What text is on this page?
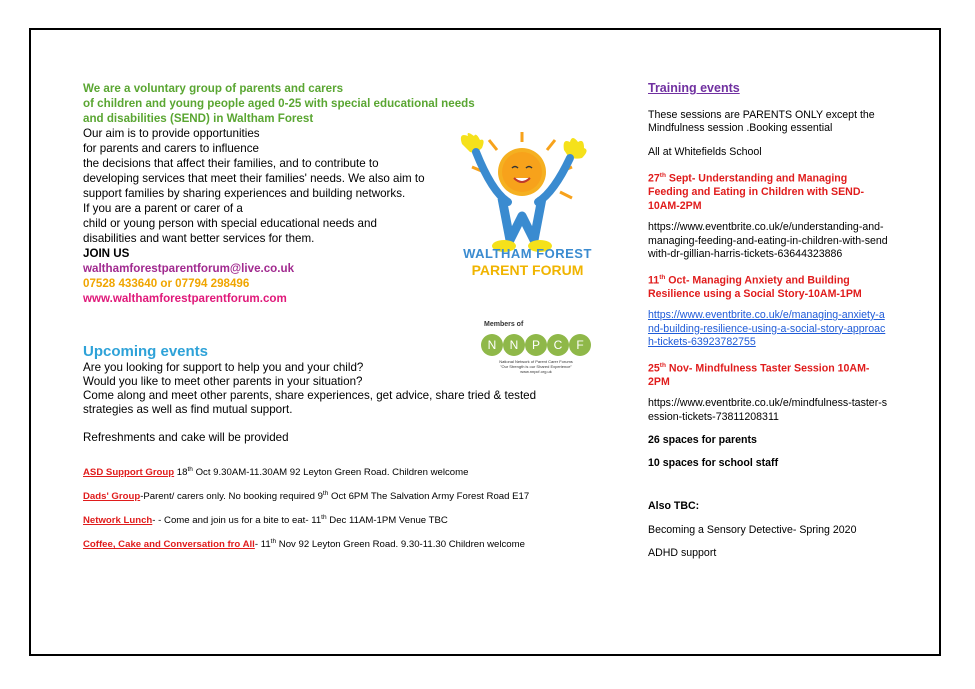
We are a voluntary group of parents and carers
of children and young people aged 0-25 with special educational needs
and disabilities (SEND) in Waltham Forest
Our aim is to provide opportunities
for parents and carers to influence
the decisions that affect their families, and to contribute to
developing services that meet their families' needs. We also aim to
support families by sharing experiences and building networks.
If you are a parent or carer of a
child or young person with special educational needs and
disabilities and want better services for them.
JOIN US
walthamforestparentforum@live.co.uk
07528 433640 or 07794 298496
www.walthamforestparentforum.com
WALTHAM FOREST
PARENT FORUM
Members of
N N P C F
National Network of Parent Carer Forums
"Our Strength is our Shared Experience"
www.nnpcf.org.uk
Upcoming events
Are you looking for support to help you and your child?
Would you like to meet other parents in your situation?
Come along and meet other parents, share experiences, get advice, share tried & tested
strategies as well as find mutual support.
Refreshments and cake will be provided
ASD Support Group 18th Oct 9.30AM-11.30AM 92 Leyton Green Road. Children welcome
Dads' Group-Parent/ carers only. No booking required 9th Oct 6PM The Salvation Army Forest Road E17
Network Lunch- - Come and join us for a bite to eat- 11th Dec 11AM-1PM Venue TBC
Coffee, Cake and Conversation fro All- 11th Nov 92 Leyton Green Road. 9.30-11.30 Children welcome

Training events

These sessions are PARENTS ONLY except the Mindfulness session .Booking essential

All at Whitefields School

27th Sept- Understanding and Managing Feeding and Eating in Children with SEND- 10AM-2PM

https://www.eventbrite.co.uk/e/understanding-and-managing-feeding-and-eating-in-children-with-sendwith-dr-gillian-harris-tickets-63644323886

11th Oct- Managing Anxiety and Building Resilience using a Social Story-10AM-1PM

https://www.eventbrite.co.uk/e/managing-anxiety-and-building-resilience-using-a-social-story-approach-tickets-63923782755

25th Nov- Mindfulness Taster Session 10AM-2PM

https://www.eventbrite.co.uk/e/mindfulness-taster-session-tickets-73811208311

26 spaces for parents

10 spaces for school staff

Also TBC:

Becoming a Sensory Detective- Spring 2020

ADHD support
